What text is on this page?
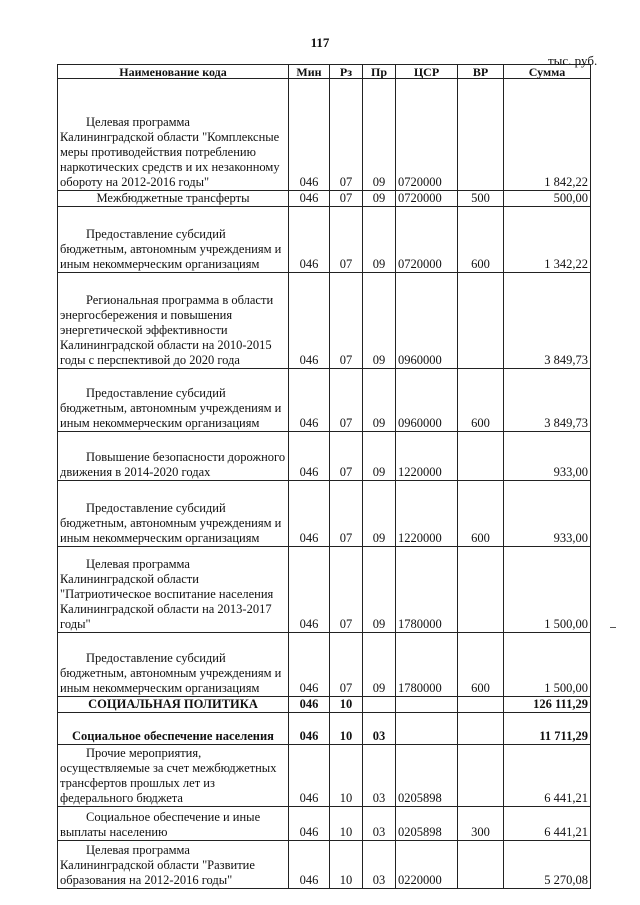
117
тыс. руб.
Наименование кода	Мин	Рз	Пр	ЦСР	ВР	Сумма
Целевая программа Калининградской области "Комплексные меры противодействия потреблению наркотических средств и их незаконному обороту на 2012-2016 годы"	046	07	09	0720000		1 842,22
Межбюджетные трансферты	046	07	09	0720000	500	500,00
Предоставление субсидий бюджетным, автономным учреждениям и иным некоммерческим организациям	046	07	09	0720000	600	1 342,22
Региональная программа в области энергосбережения и повышения энергетической эффективности Калининградской области на 2010-2015 годы с перспективой до 2020 года	046	07	09	0960000		3 849,73
Предоставление субсидий бюджетным, автономным учреждениям и иным некоммерческим организациям	046	07	09	0960000	600	3 849,73
Повышение безопасности дорожного движения в 2014-2020 годах	046	07	09	1220000		933,00
Предоставление субсидий бюджетным, автономным учреждениям и иным некоммерческим организациям	046	07	09	1220000	600	933,00
Целевая программа Калининградской области "Патриотическое воспитание населения Калининградской области на 2013-2017 годы"	046	07	09	1780000		1 500,00
Предоставление субсидий бюджетным, автономным учреждениям и иным некоммерческим организациям	046	07	09	1780000	600	1 500,00
СОЦИАЛЬНАЯ ПОЛИТИКА	046	10				126 111,29
Социальное обеспечение населения	046	10	03			11 711,29
Прочие мероприятия, осуществляемые за счет межбюджетных трансфертов прошлых лет из федерального бюджета	046	10	03	0205898		6 441,21
Социальное обеспечение и иные выплаты населению	046	10	03	0205898	300	6 441,21
Целевая программа Калининградской области "Развитие образования на 2012-2016 годы"	046	10	03	0220000		5 270,08
